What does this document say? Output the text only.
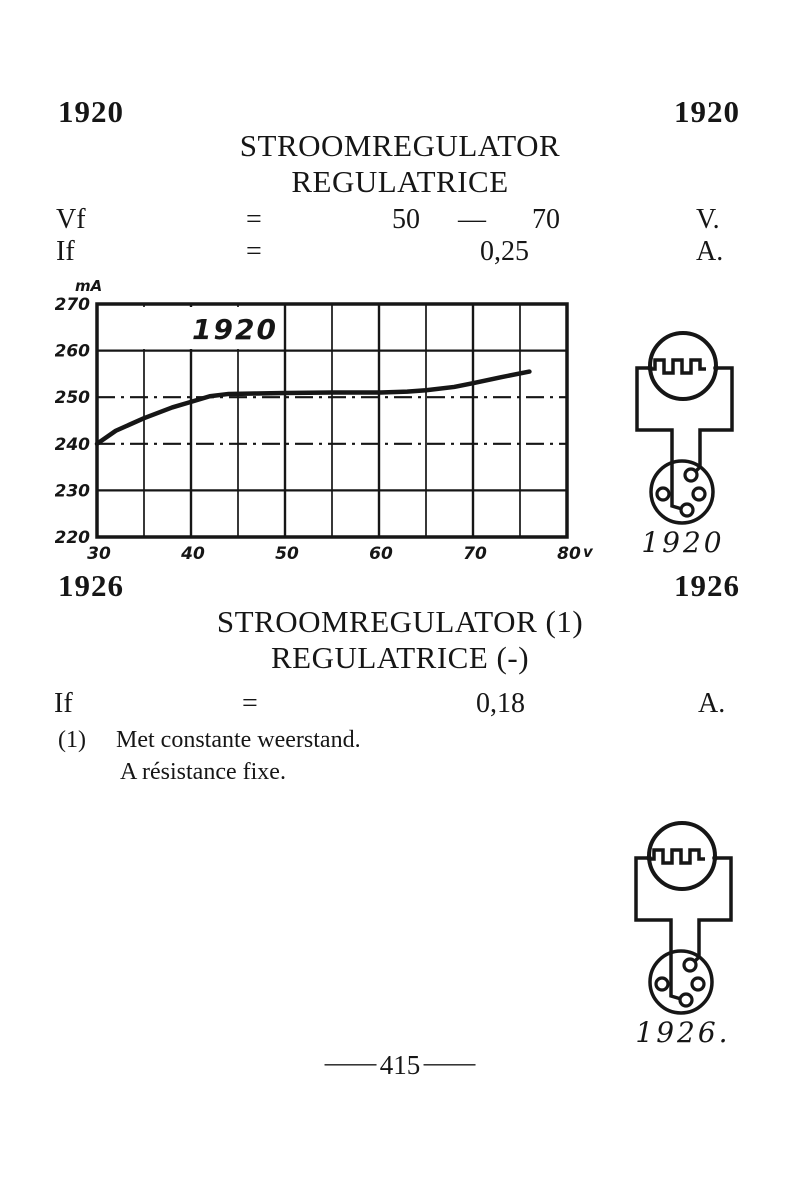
1920	1920
STROOMREGULATOR
REGULATRICE
Vf	=	50 — 70	V.
If	=	0,25	A.
1920
220
230
240
250
260
270
30	40	50	60	70	80
mA
v	1920
1926	1926
STROOMREGULATOR (1)
REGULATRICE (-)
If	=	0,18	A.
(1) Met constante weerstand.
A résistance fixe.
1926.
— 415 —
